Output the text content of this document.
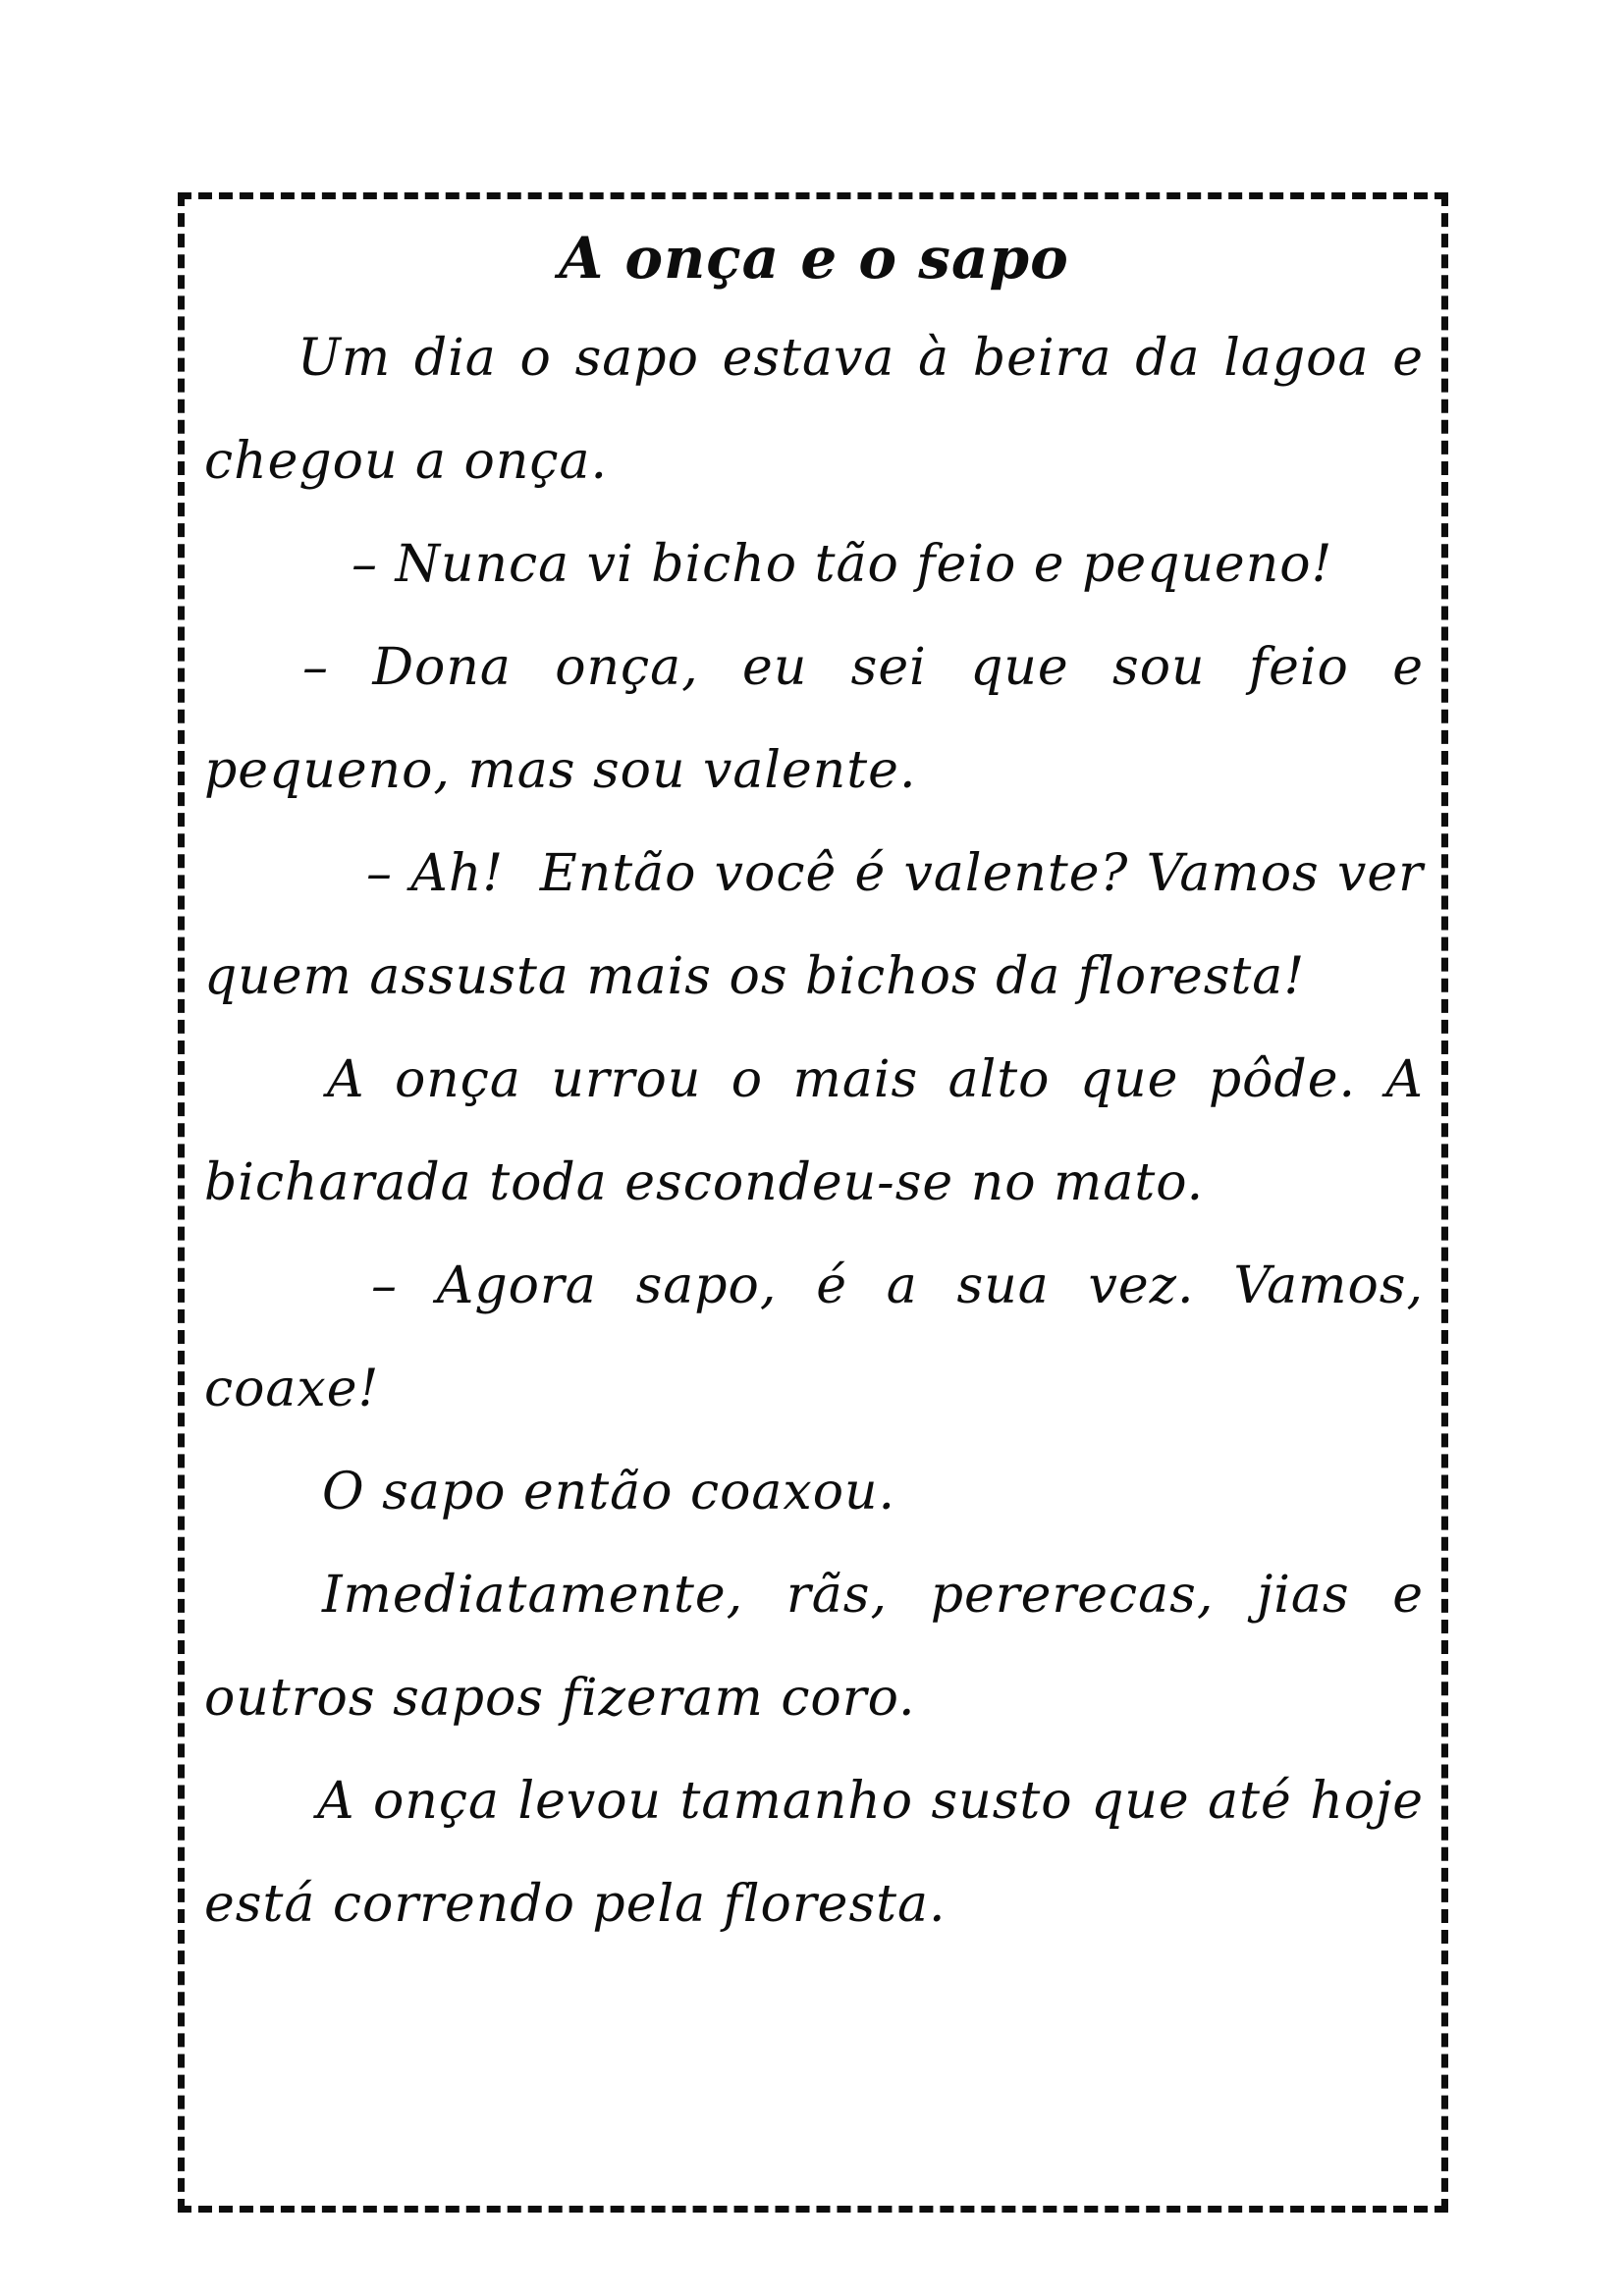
A onça e o sapo
Um dia o sapo estava à beira da lagoa e
chegou a onça.
– Nunca vi bicho tão feio e pequeno!
– Dona onça, eu sei que sou feio e
pequeno, mas sou valente.
– Ah!  Então você é valente? Vamos ver
quem assusta mais os bichos da floresta!
A onça urrou o mais alto que pôde. A
bicharada toda escondeu-se no mato.
– Agora sapo, é a sua vez. Vamos,
coaxe!
O sapo então coaxou.
Imediatamente, rãs, pererecas, jias e
outros sapos fizeram coro.
A onça levou tamanho susto que até hoje
está correndo pela floresta.
